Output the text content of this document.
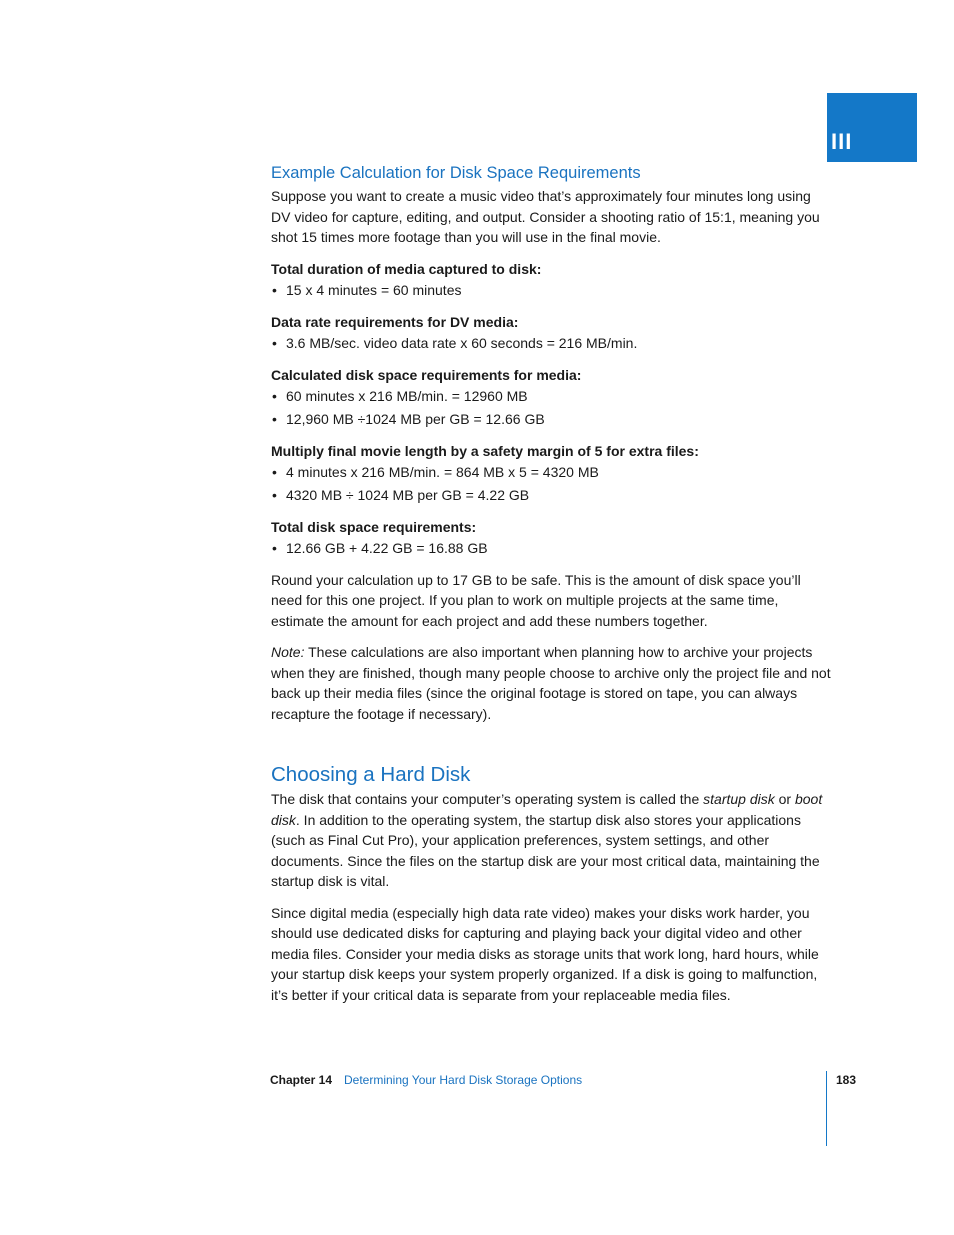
III
Example Calculation for Disk Space Requirements

Suppose you want to create a music video that’s approximately four minutes long using DV video for capture, editing, and output. Consider a shooting ratio of 15:1, meaning you shot 15 times more footage than you will use in the final movie.

Total duration of media captured to disk:

• 15 x 4 minutes = 60 minutes

Data rate requirements for DV media:

• 3.6 MB/sec. video data rate x 60 seconds = 216 MB/min.

Calculated disk space requirements for media:

• 60 minutes x 216 MB/min. = 12960 MB
• 12,960 MB ÷1024 MB per GB = 12.66 GB

Multiply final movie length by a safety margin of 5 for extra files:

• 4 minutes x 216 MB/min. = 864 MB x 5 = 4320 MB
• 4320 MB ÷ 1024 MB per GB = 4.22 GB

Total disk space requirements:

• 12.66 GB + 4.22 GB = 16.88 GB

Round your calculation up to 17 GB to be safe. This is the amount of disk space you’ll need for this one project. If you plan to work on multiple projects at the same time, estimate the amount for each project and add these numbers together.

Note: These calculations are also important when planning how to archive your projects when they are finished, though many people choose to archive only the project file and not back up their media files (since the original footage is stored on tape, you can always recapture the footage if necessary).

Choosing a Hard Disk

The disk that contains your computer’s operating system is called the startup disk or boot disk. In addition to the operating system, the startup disk also stores your applications (such as Final Cut Pro), your application preferences, system settings, and other documents. Since the files on the startup disk are your most critical data, maintaining the startup disk is vital.

Since digital media (especially high data rate video) makes your disks work harder, you should use dedicated disks for capturing and playing back your digital video and other media files. Consider your media disks as storage units that work long, hard hours, while your startup disk keeps your system properly organized. If a disk is going to malfunction, it’s better if your critical data is separate from your replaceable media files.

Chapter 14 Determining Your Hard Disk Storage Options	183
